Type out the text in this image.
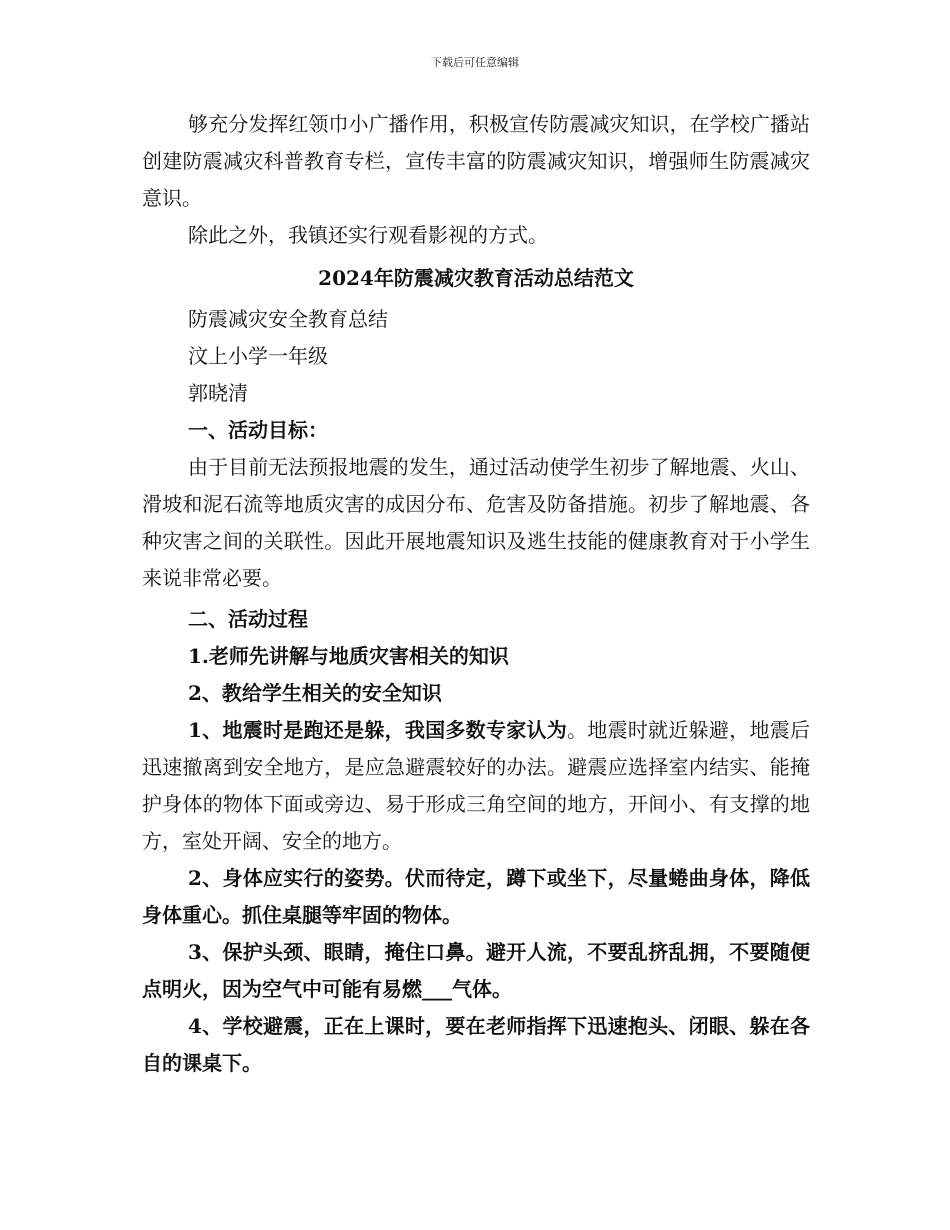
下载后可任意编辑

够充分发挥红领巾小广播作用，积极宣传防震减灾知识，在学校广播站创建防震减灾科普教育专栏，宣传丰富的防震减灾知识，增强师生防震减灾意识。

除此之外，我镇还实行观看影视的方式。

2024年防震减灾教育活动总结范文

防震减灾安全教育总结

汶上小学一年级

郭晓清

一、活动目标：

由于目前无法预报地震的发生，通过活动使学生初步了解地震、火山、滑坡和泥石流等地质灾害的成因分布、危害及防备措施。初步了解地震、各种灾害之间的关联性。因此开展地震知识及逃生技能的健康教育对于小学生来说非常必要。

二、活动过程

1.老师先讲解与地质灾害相关的知识

2、教给学生相关的安全知识

1、地震时是跑还是躲，我国多数专家认为。地震时就近躲避，地震后迅速撤离到安全地方，是应急避震较好的办法。避震应选择室内结实、能掩护身体的物体下面或旁边、易于形成三角空间的地方，开间小、有支撑的地方，室处开阔、安全的地方。

2、身体应实行的姿势。伏而待定，蹲下或坐下，尽量蜷曲身体，降低身体重心。抓住桌腿等牢固的物体。

3、保护头颈、眼睛，掩住口鼻。避开人流，不要乱挤乱拥，不要随便点明火，因为空气中可能有易燃___气体。

4、学校避震，正在上课时，要在老师指挥下迅速抱头、闭眼、躲在各自的课桌下。
